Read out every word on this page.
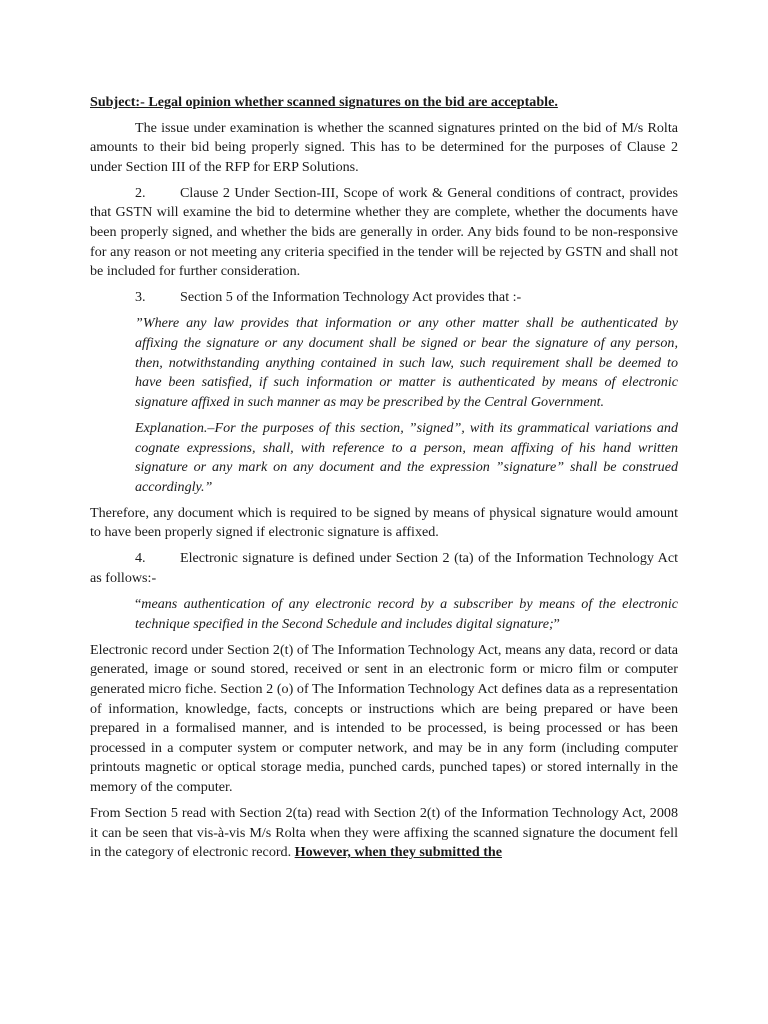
Subject:- Legal opinion whether scanned signatures on the bid are acceptable.

The issue under examination is whether the scanned signatures printed on the bid of M/s Rolta amounts to their bid being properly signed. This has to be determined for the purposes of Clause 2 under Section III of the RFP for ERP Solutions.

2. Clause 2 Under Section-III, Scope of work & General conditions of contract, provides that GSTN will examine the bid to determine whether they are complete, whether the documents have been properly signed, and whether the bids are generally in order. Any bids found to be non-responsive for any reason or not meeting any criteria specified in the tender will be rejected by GSTN and shall not be included for further consideration.

3. Section 5 of the Information Technology Act provides that :-

”Where any law provides that information or any other matter shall be authenticated by affixing the signature or any document shall be signed or bear the signature of any person, then, notwithstanding anything contained in such law, such requirement shall be deemed to have been satisfied, if such information or matter is authenticated by means of electronic signature affixed in such manner as may be prescribed by the Central Government.

Explanation.–For the purposes of this section, ”signed”, with its grammatical variations and cognate expressions, shall, with reference to a person, mean affixing of his hand written signature or any mark on any document and the expression ”signature” shall be construed accordingly.”

Therefore, any document which is required to be signed by means of physical signature would amount to have been properly signed if electronic signature is affixed.

4. Electronic signature is defined under Section 2 (ta) of the Information Technology Act as follows:-

“means authentication of any electronic record by a subscriber by means of the electronic technique specified in the Second Schedule and includes digital signature;”

Electronic record under Section 2(t) of The Information Technology Act, means any data, record or data generated, image or sound stored, received or sent in an electronic form or micro film or computer generated micro fiche. Section 2 (o) of The Information Technology Act defines data as a representation of information, knowledge, facts, concepts or instructions which are being prepared or have been prepared in a formalised manner, and is intended to be processed, is being processed or has been processed in a computer system or computer network, and may be in any form (including computer printouts magnetic or optical storage media, punched cards, punched tapes) or stored internally in the memory of the computer.

From Section 5 read with Section 2(ta) read with Section 2(t) of the Information Technology Act, 2008 it can be seen that vis-à-vis M/s Rolta when they were affixing the scanned signature the document fell in the category of electronic record. However, when they submitted the
